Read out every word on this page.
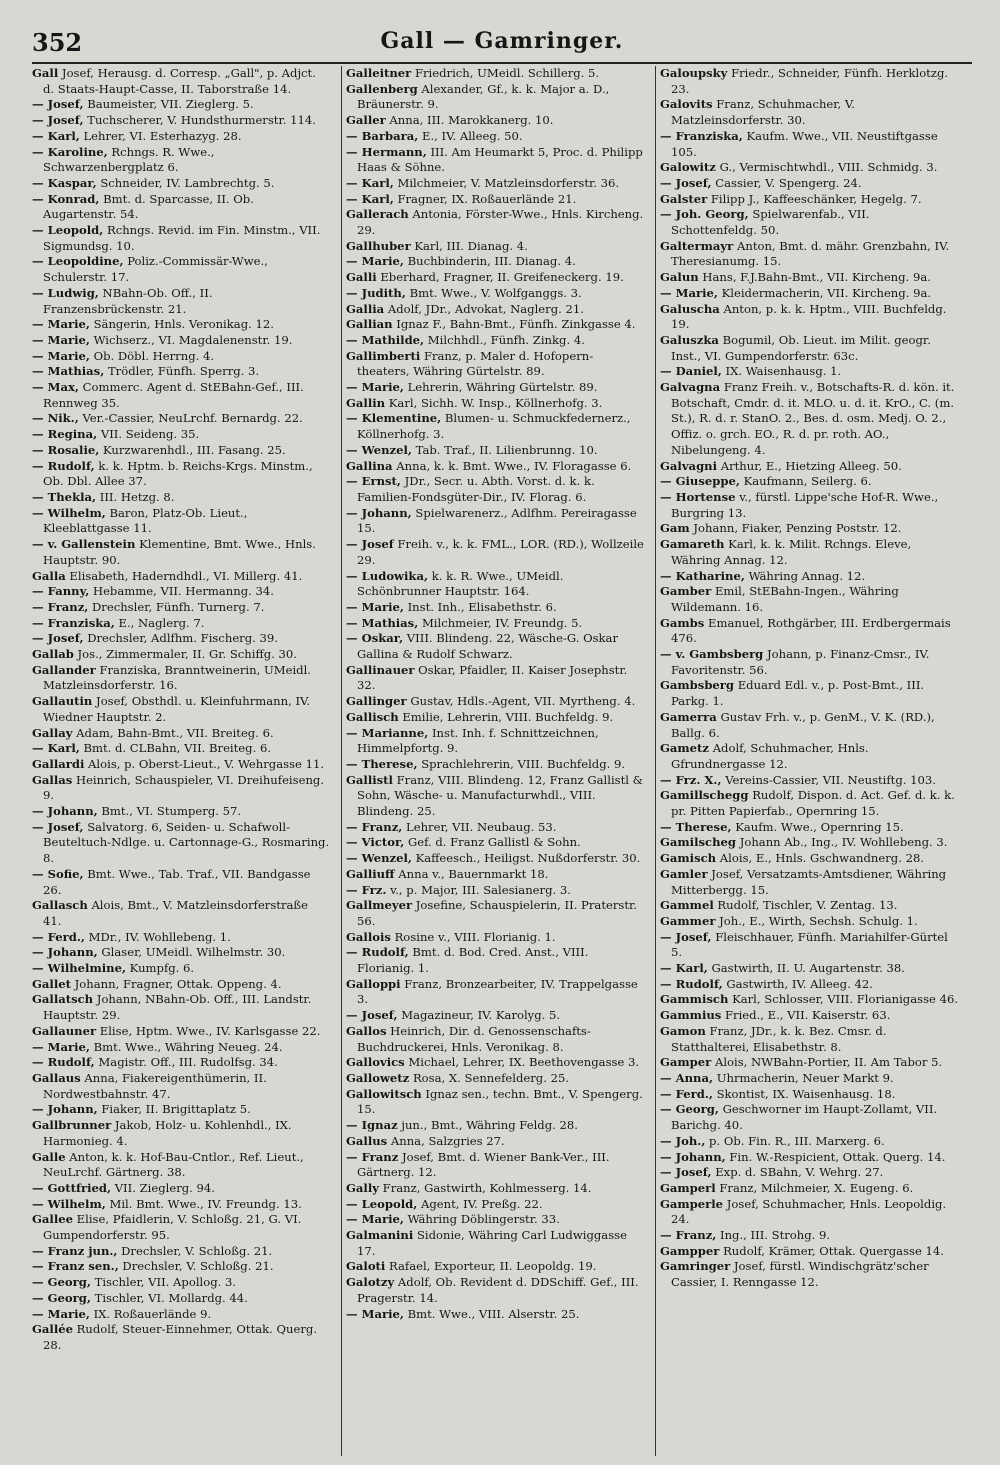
352	Gall — Gamringer.

Gall Josef, Herausg. d. Corresp. „Gall", p. Adjct. d. Staats-Haupt-Casse, II. Taborstraße 14.

— Josef, Baumeister, VII. Zieglerg. 5.

— Josef, Tuchscherer, V. Hundsthurmerstr. 114.

— Karl, Lehrer, VI. Esterhazyg. 28.

— Karoline, Rchngs. R. Wwe., Schwarzenbergplatz 6.

— Kaspar, Schneider, IV. Lambrechtg. 5.

— Konrad, Bmt. d. Sparcasse, II. Ob. Augartenstr. 54.

— Leopold, Rchngs. Revid. im Fin. Minstm., VII. Sigmundsg. 10.

— Leopoldine, Poliz.-Commissär-Wwe., Schulerstr. 17.

— Ludwig, NBahn-Ob. Off., II. Franzensbrückenstr. 21.

— Marie, Sängerin, Hnls. Veronikag. 12.

— Marie, Wichserz., VI. Magdalenenstr. 19.

— Marie, Ob. Döbl. Herrng. 4.

— Mathias, Trödler, Fünfh. Sperrg. 3.

— Max, Commerc. Agent d. StEBahn-Gef., III. Rennweg 35.

— Nik., Ver.-Cassier, NeuLrchf. Bernardg. 22.

— Regina, VII. Seideng. 35.

— Rosalie, Kurzwarenhdl., III. Fasang. 25.

— Rudolf, k. k. Hptm. b. Reichs-Krgs. Minstm., Ob. Dbl. Allee 37.

— Thekla, III. Hetzg. 8.

— Wilhelm, Baron, Platz-Ob. Lieut., Kleeblattgasse 11.

— v. Gallenstein Klementine, Bmt. Wwe., Hnls. Hauptstr. 90.

Galla Elisabeth, Haderndhdl., VI. Millerg. 41.

— Fanny, Hebamme, VII. Hermanng. 34.

— Franz, Drechsler, Fünfh. Turnerg. 7.

— Franziska, E., Naglerg. 7.

— Josef, Drechsler, Adlfhm. Fischerg. 39.

Gallab Jos., Zimmermaler, II. Gr. Schiffg. 30.

Gallander Franziska, Branntweinerin, UMeidl. Matzleinsdorferstr. 16.

Gallautin Josef, Obsthdl. u. Kleinfuhrmann, IV. Wiedner Hauptstr. 2.

Gallay Adam, Bahn-Bmt., VII. Breiteg. 6.

— Karl, Bmt. d. CLBahn, VII. Breiteg. 6.

Gallardi Alois, p. Oberst-Lieut., V. Wehrgasse 11.

Gallas Heinrich, Schauspieler, VI. Dreihufeiseng. 9.

— Johann, Bmt., VI. Stumperg. 57.

— Josef, Salvatorg. 6, Seiden- u. Schafwoll-Beuteltuch-Ndlge. u. Cartonnage-G., Rosmaring. 8.

— Sofie, Bmt. Wwe., Tab. Traf., VII. Bandgasse 26.

Gallasch Alois, Bmt., V. Matzleinsdorferstraße 41.

— Ferd., MDr., IV. Wohllebeng. 1.

— Johann, Glaser, UMeidl. Wilhelmstr. 30.

— Wilhelmine, Kumpfg. 6.

Gallet Johann, Fragner, Ottak. Oppeng. 4.

Gallatsch Johann, NBahn-Ob. Off., III. Landstr. Hauptstr. 29.

Gallauner Elise, Hptm. Wwe., IV. Karlsgasse 22.

— Marie, Bmt. Wwe., Währing Neueg. 24.

— Rudolf, Magistr. Off., III. Rudolfsg. 34.

Gallaus Anna, Fiakereigenthümerin, II. Nordwestbahnstr. 47.

— Johann, Fiaker, II. Brigittaplatz 5.

Gallbrunner Jakob, Holz- u. Kohlenhdl., IX. Harmonieg. 4.

Galle Anton, k. k. Hof-Bau-Cntlor., Ref. Lieut., NeuLrchf. Gärtnerg. 38.

— Gottfried, VII. Zieglerg. 94.

— Wilhelm, Mil. Bmt. Wwe., IV. Freundg. 13.

Gallee Elise, Pfaidlerin, V. Schloßg. 21, G. VI. Gumpendorferstr. 95.

— Franz jun., Drechsler, V. Schloßg. 21.

— Franz sen., Drechsler, V. Schloßg. 21.

— Georg, Tischler, VII. Apollog. 3.

— Georg, Tischler, VI. Mollardg. 44.

— Marie, IX. Roßauerlände 9.

Gallée Rudolf, Steuer-Einnehmer, Ottak. Querg. 28.

Galleitner Friedrich, UMeidl. Schillerg. 5.

Gallenberg Alexander, Gf., k. k. Major a. D., Bräunerstr. 9.

Galler Anna, III. Marokkanerg. 10.

— Barbara, E., IV. Alleeg. 50.

— Hermann, III. Am Heumarkt 5, Proc. d. Philipp Haas & Söhne.

— Karl, Milchmeier, V. Matzleinsdorferstr. 36.

— Karl, Fragner, IX. Roßauerlände 21.

Gallerach Antonia, Förster-Wwe., Hnls. Kircheng. 29.

Gallhuber Karl, III. Dianag. 4.

— Marie, Buchbinderin, III. Dianag. 4.

Galli Eberhard, Fragner, II. Greifeneckerg. 19.

— Judith, Bmt. Wwe., V. Wolfganggs. 3.

Gallia Adolf, JDr., Advokat, Naglerg. 21.

Gallian Ignaz F., Bahn-Bmt., Fünfh. Zinkgasse 4.

— Mathilde, Milchhdl., Fünfh. Zinkg. 4.

Gallimberti Franz, p. Maler d. Hofopern-theaters, Währing Gürtelstr. 89.

— Marie, Lehrerin, Währing Gürtelstr. 89.

Gallin Karl, Sichh. W. Insp., Köllnerhofg. 3.

— Klementine, Blumen- u. Schmuckfedernerz., Köllnerhofg. 3.

— Wenzel, Tab. Traf., II. Lilienbrunng. 10.

Gallina Anna, k. k. Bmt. Wwe., IV. Floragasse 6.

— Ernst, JDr., Secr. u. Abth. Vorst. d. k. k. Familien-Fondsgüter-Dir., IV. Florag. 6.

— Johann, Spielwarenerz., Adlfhm. Pereiragasse 15.

— Josef Freih. v., k. k. FML., LOR. (RD.), Wollzeile 29.

— Ludowika, k. k. R. Wwe., UMeidl. Schönbrunner Hauptstr. 164.

— Marie, Inst. Inh., Elisabethstr. 6.

— Mathias, Milchmeier, IV. Freundg. 5.

— Oskar, VIII. Blindeng. 22, Wäsche-G. Oskar Gallina & Rudolf Schwarz.

Gallinauer Oskar, Pfaidler, II. Kaiser Josephstr. 32.

Gallinger Gustav, Hdls.-Agent, VII. Myrtheng. 4.

Gallisch Emilie, Lehrerin, VIII. Buchfeldg. 9.

— Marianne, Inst. Inh. f. Schnittzeichnen, Himmelpfortg. 9.

— Therese, Sprachlehrerin, VIII. Buchfeldg. 9.

Gallistl Franz, VIII. Blindeng. 12, Franz Gallistl & Sohn, Wäsche- u. Manufacturwhdl., VIII. Blindeng. 25.

— Franz, Lehrer, VII. Neubaug. 53.

— Victor, Gef. d. Franz Gallistl & Sohn.

— Wenzel, Kaffeesch., Heiligst. Nußdorferstr. 30.

Galliuff Anna v., Bauernmarkt 18.

— Frz. v., p. Major, III. Salesianerg. 3.

Gallmeyer Josefine, Schauspielerin, II. Praterstr. 56.

Gallois Rosine v., VIII. Florianig. 1.

— Rudolf, Bmt. d. Bod. Cred. Anst., VIII. Florianig. 1.

Galloppi Franz, Bronzearbeiter, IV. Trappelgasse 3.

— Josef, Magazineur, IV. Karolyg. 5.

Gallos Heinrich, Dir. d. Genossenschafts-Buchdruckerei, Hnls. Veronikag. 8.

Gallovics Michael, Lehrer, IX. Beethovengasse 3.

Gallowetz Rosa, X. Sennefelderg. 25.

Gallowitsch Ignaz sen., techn. Bmt., V. Spengerg. 15.

— Ignaz jun., Bmt., Währing Feldg. 28.

Gallus Anna, Salzgries 27.

— Franz Josef, Bmt. d. Wiener Bank-Ver., III. Gärtnerg. 12.

Gally Franz, Gastwirth, Kohlmesserg. 14.

— Leopold, Agent, IV. Preßg. 22.

— Marie, Währing Döblingerstr. 33.

Galmanini Sidonie, Währing Carl Ludwiggasse 17.

Galoti Rafael, Exporteur, II. Leopoldg. 19.

Galotzy Adolf, Ob. Revident d. DDSchiff. Gef., III. Pragerstr. 14.

— Marie, Bmt. Wwe., VIII. Alserstr. 25.

Galoupsky Friedr., Schneider, Fünfh. Herklotzg. 23.

Galovits Franz, Schuhmacher, V. Matzleinsdorferstr. 30.

— Franziska, Kaufm. Wwe., VII. Neustiftgasse 105.

Galowitz G., Vermischtwhdl., VIII. Schmidg. 3.

— Josef, Cassier, V. Spengerg. 24.

Galster Filipp J., Kaffeeschänker, Hegelg. 7.

— Joh. Georg, Spielwarenfab., VII. Schottenfeldg. 50.

Galtermayr Anton, Bmt. d. mähr. Grenzbahn, IV. Theresianumg. 15.

Galun Hans, F.J.Bahn-Bmt., VII. Kircheng. 9a.

— Marie, Kleidermacherin, VII. Kircheng. 9a.

Galuscha Anton, p. k. k. Hptm., VIII. Buchfeldg. 19.

Galuszka Bogumil, Ob. Lieut. im Milit. geogr. Inst., VI. Gumpendorferstr. 63c.

— Daniel, IX. Waisenhausg. 1.

Galvagna Franz Freih. v., Botschafts-R. d. kön. it. Botschaft, Cmdr. d. it. MLO. u. d. it. KrO., C. (m. St.), R. d. r. StanO. 2., Bes. d. osm. Medj. O. 2., Offiz. o. grch. EO., R. d. pr. roth. AO., Nibelungeng. 4.

Galvagni Arthur, E., Hietzing Alleeg. 50.

— Giuseppe, Kaufmann, Seilerg. 6.

— Hortense v., fürstl. Lippe'sche Hof-R. Wwe., Burgring 13.

Gam Johann, Fiaker, Penzing Poststr. 12.

Gamareth Karl, k. k. Milit. Rchngs. Eleve, Währing Annag. 12.

— Katharine, Währing Annag. 12.

Gamber Emil, StEBahn-Ingen., Währing Wildemann. 16.

Gambs Emanuel, Rothgärber, III. Erdbergermais 476.

— v. Gambsberg Johann, p. Finanz-Cmsr., IV. Favoritenstr. 56.

Gambsberg Eduard Edl. v., p. Post-Bmt., III. Parkg. 1.

Gamerra Gustav Frh. v., p. GenM., V. K. (RD.), Ballg. 6.

Gametz Adolf, Schuhmacher, Hnls. Gfrundnergasse 12.

— Frz. X., Vereins-Cassier, VII. Neustiftg. 103.

Gamillschegg Rudolf, Dispon. d. Act. Gef. d. k. k. pr. Pitten Papierfab., Opernring 15.

— Therese, Kaufm. Wwe., Opernring 15.

Gamilscheg Johann Ab., Ing., IV. Wohllebeng. 3.

Gamisch Alois, E., Hnls. Gschwandnerg. 28.

Gamler Josef, Versatzamts-Amtsdiener, Währing Mitterbergg. 15.

Gammel Rudolf, Tischler, V. Zentag. 13.

Gammer Joh., E., Wirth, Sechsh. Schulg. 1.

— Josef, Fleischhauer, Fünfh. Mariahilfer-Gürtel 5.

— Karl, Gastwirth, II. U. Augartenstr. 38.

— Rudolf, Gastwirth, IV. Alleeg. 42.

Gammisch Karl, Schlosser, VIII. Florianigasse 46.

Gammius Fried., E., VII. Kaiserstr. 63.

Gamon Franz, JDr., k. k. Bez. Cmsr. d. Statthalterei, Elisabethstr. 8.

Gamper Alois, NWBahn-Portier, II. Am Tabor 5.

— Anna, Uhrmacherin, Neuer Markt 9.

— Ferd., Skontist, IX. Waisenhausg. 18.

— Georg, Geschworner im Haupt-Zollamt, VII. Barichg. 40.

— Joh., p. Ob. Fin. R., III. Marxerg. 6.

— Johann, Fin. W.-Respicient, Ottak. Querg. 14.

— Josef, Exp. d. SBahn, V. Wehrg. 27.

Gamperl Franz, Milchmeier, X. Eugeng. 6.

Gamperle Josef, Schuhmacher, Hnls. Leopoldig. 24.

— Franz, Ing., III. Strohg. 9.

Gampper Rudolf, Krämer, Ottak. Quergasse 14.

Gamringer Josef, fürstl. Windischgrätz'scher Cassier, I. Renngasse 12.
